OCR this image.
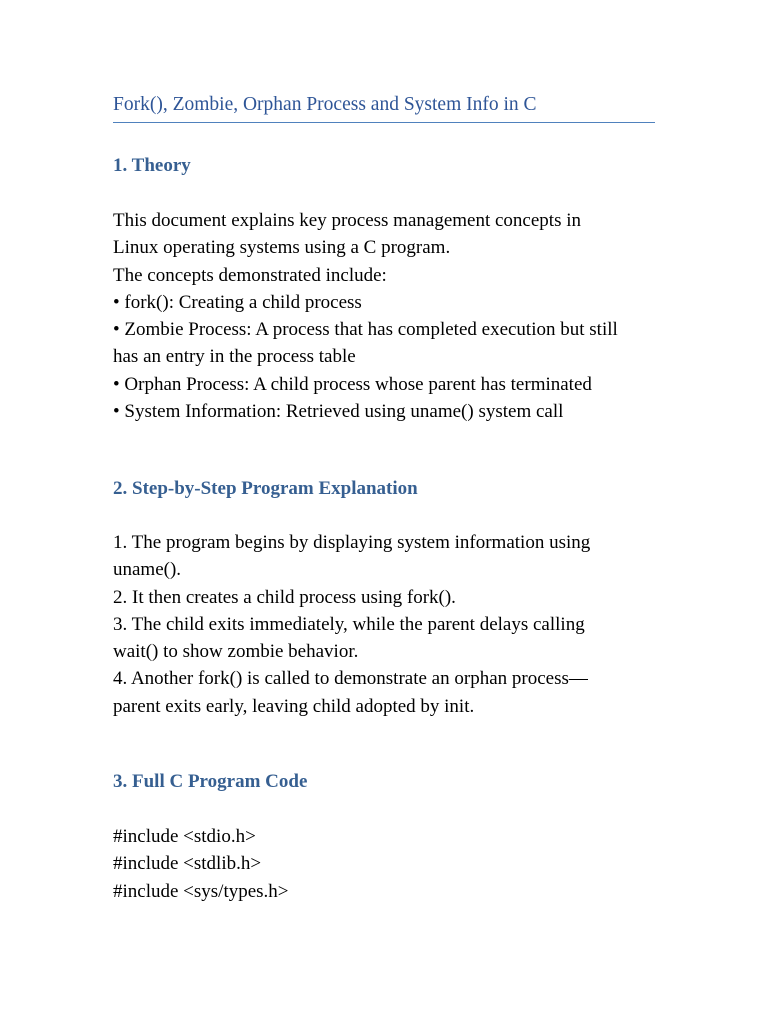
Fork(), Zombie, Orphan Process and System Info in C
1. Theory
This document explains key process management concepts in
Linux operating systems using a C program.
The concepts demonstrated include:
• fork(): Creating a child process
• Zombie Process: A process that has completed execution but still
has an entry in the process table
• Orphan Process: A child process whose parent has terminated
• System Information: Retrieved using uname() system call
2. Step-by-Step Program Explanation
1. The program begins by displaying system information using
uname().
2. It then creates a child process using fork().
3. The child exits immediately, while the parent delays calling
wait() to show zombie behavior.
4. Another fork() is called to demonstrate an orphan process—
parent exits early, leaving child adopted by init.
3. Full C Program Code
#include <stdio.h>
#include <stdlib.h>
#include <sys/types.h>
